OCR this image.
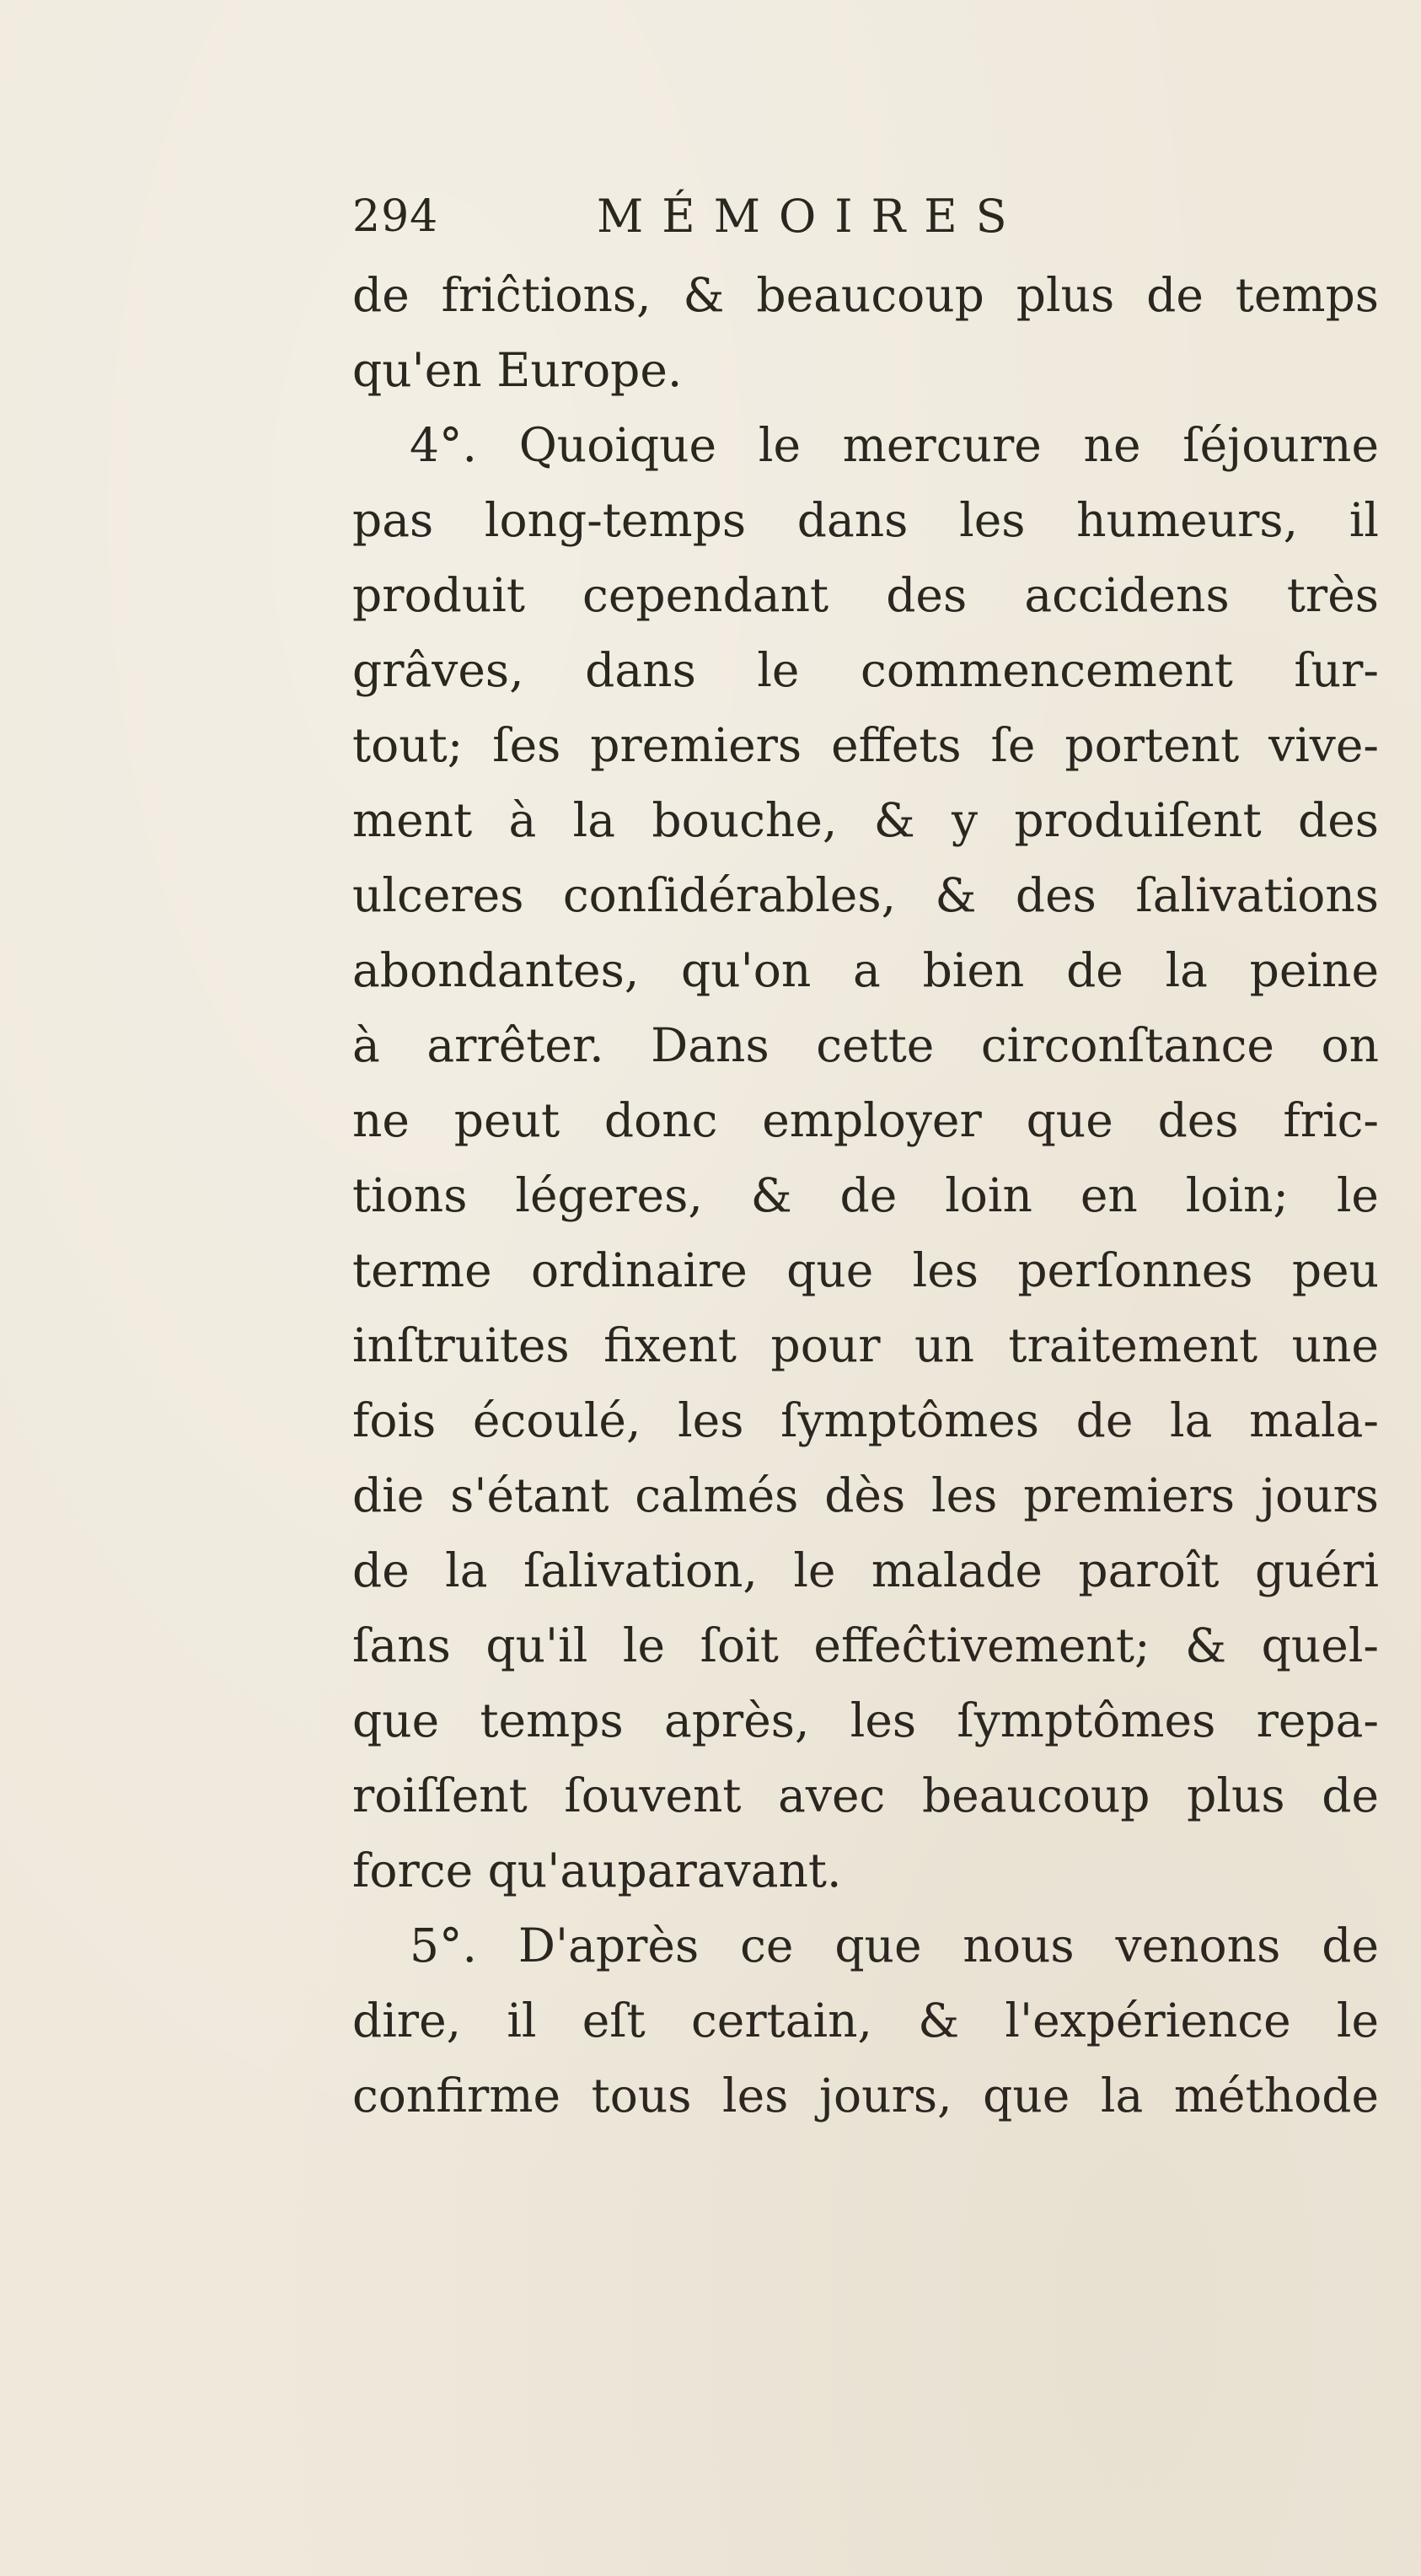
294	MÉMOIRES
de friĉtions, & beaucoup plus de temps
qu'en Europe.
4°. Quoique le mercure ne ſéjourne
pas long-temps dans les humeurs, il
produit cependant des accidens très
grâves, dans le commencement ſur-
tout; ſes premiers effets ſe portent vive-
ment à la bouche, & y produiſent des
ulceres conſidérables, & des ſalivations
abondantes, qu'on a bien de la peine
à arrêter. Dans cette circonſtance on
ne peut donc employer que des fric-
tions légeres, & de loin en loin; le
terme ordinaire que les perſonnes peu
inſtruites fixent pour un traitement une
fois écoulé, les ſymptômes de la mala-
die s'étant calmés dès les premiers jours
de la ſalivation, le malade paroît guéri
ſans qu'il le ſoit effeĉtivement; & quel-
que temps après, les ſymptômes repa-
roiſſent ſouvent avec beaucoup plus de
force qu'auparavant.
5°. D'après ce que nous venons de
dire, il eſt certain, & l'expérience le
confirme tous les jours, que la méthode
